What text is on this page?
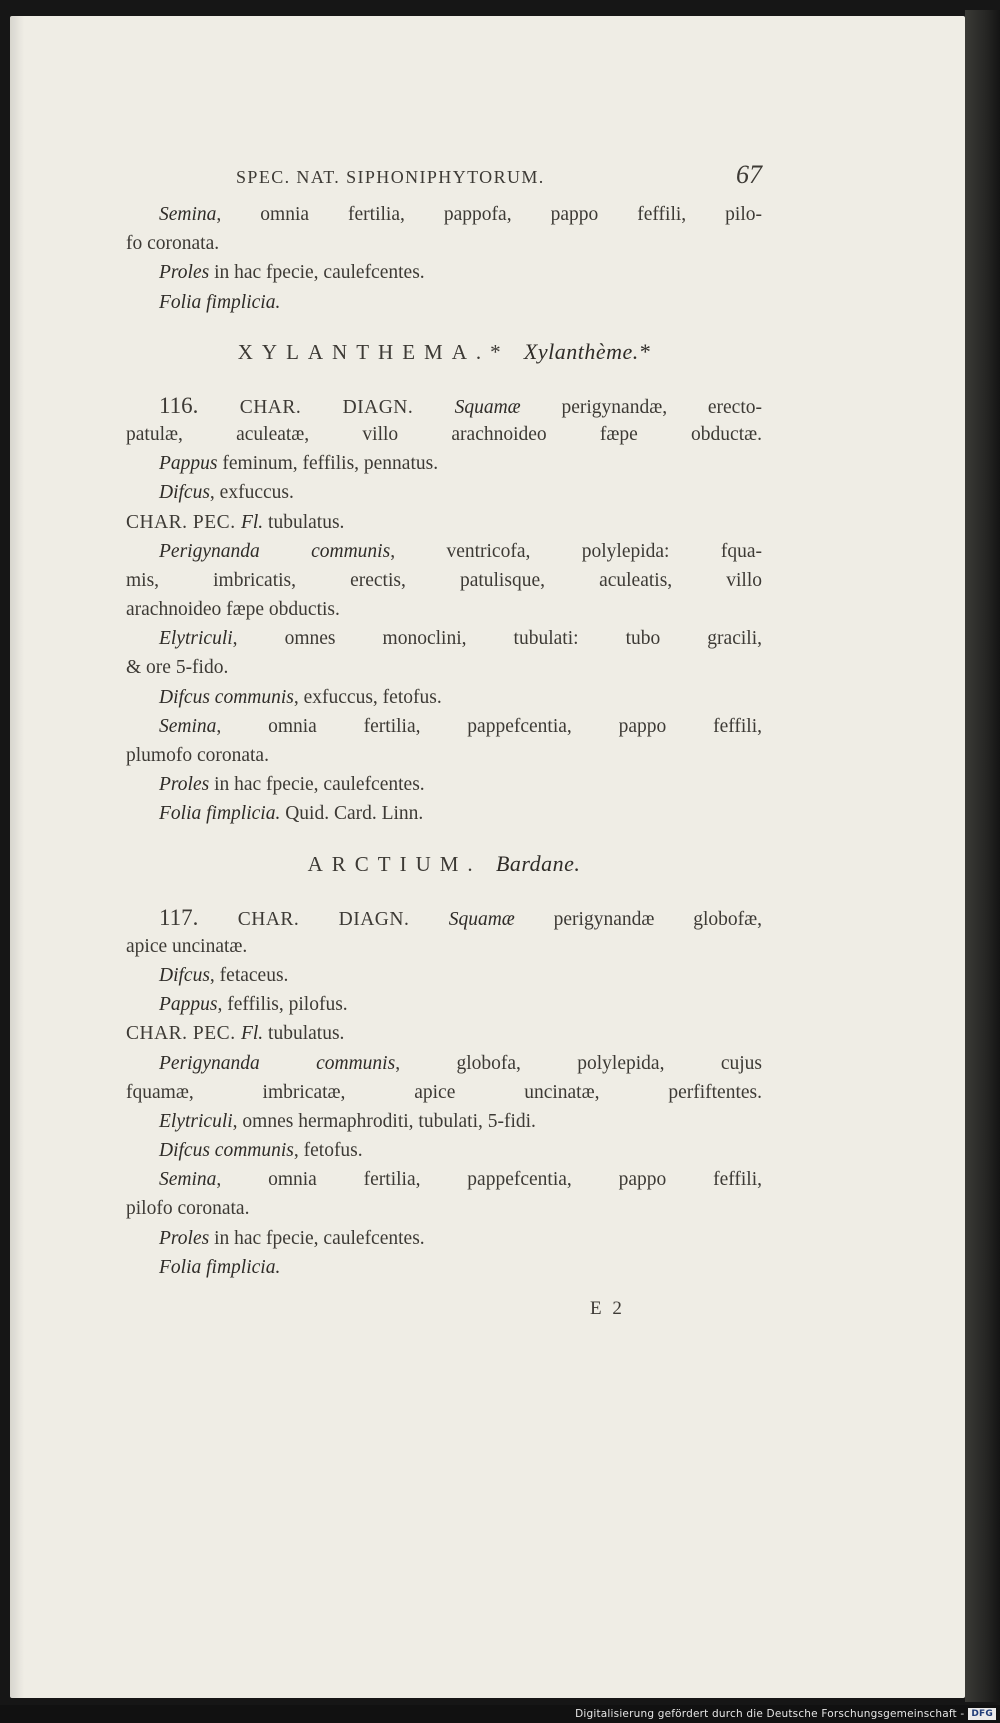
SPEC. NAT. SIPHONIPHYTORUM.	67
Semina, omnia fertilia, pappofa, pappo feffili, pilo-
fo coronata.
Proles in hac fpecie, caulefcentes.
Folia fimplicia.
XYLANTHEMA.* Xylanthème.*
116. CHAR. DIAGN. Squamæ perigynandæ, erecto-
patulæ, aculeatæ, villo arachnoideo fæpe obductæ.
Pappus feminum, feffilis, pennatus.
Difcus, exfuccus.
CHAR. PEC. Fl. tubulatus.
Perigynanda communis, ventricofa, polylepida: fqua-
mis, imbricatis, erectis, patulisque, aculeatis, villo
arachnoideo fæpe obductis.
Elytriculi, omnes monoclini, tubulati: tubo gracili,
& ore 5-fido.
Difcus communis, exfuccus, fetofus.
Semina, omnia fertilia, pappefcentia, pappo feffili,
plumofo coronata.
Proles in hac fpecie, caulefcentes.
Folia fimplicia. Quid. Card. Linn.
ARCTIUM. Bardane.
117. CHAR. DIAGN. Squamæ perigynandæ globofæ,
apice uncinatæ.
Difcus, fetaceus.
Pappus, feffilis, pilofus.
CHAR. PEC. Fl. tubulatus.
Perigynanda communis, globofa, polylepida, cujus
fquamæ, imbricatæ, apice uncinatæ, perfiftentes.
Elytriculi, omnes hermaphroditi, tubulati, 5-fidi.
Difcus communis, fetofus.
Semina, omnia fertilia, pappefcentia, pappo feffili,
pilofo coronata.
Proles in hac fpecie, caulefcentes.
Folia fimplicia.
E 2
Digitalisierung gefördert durch die Deutsche Forschungsgemeinschaft - DFG
